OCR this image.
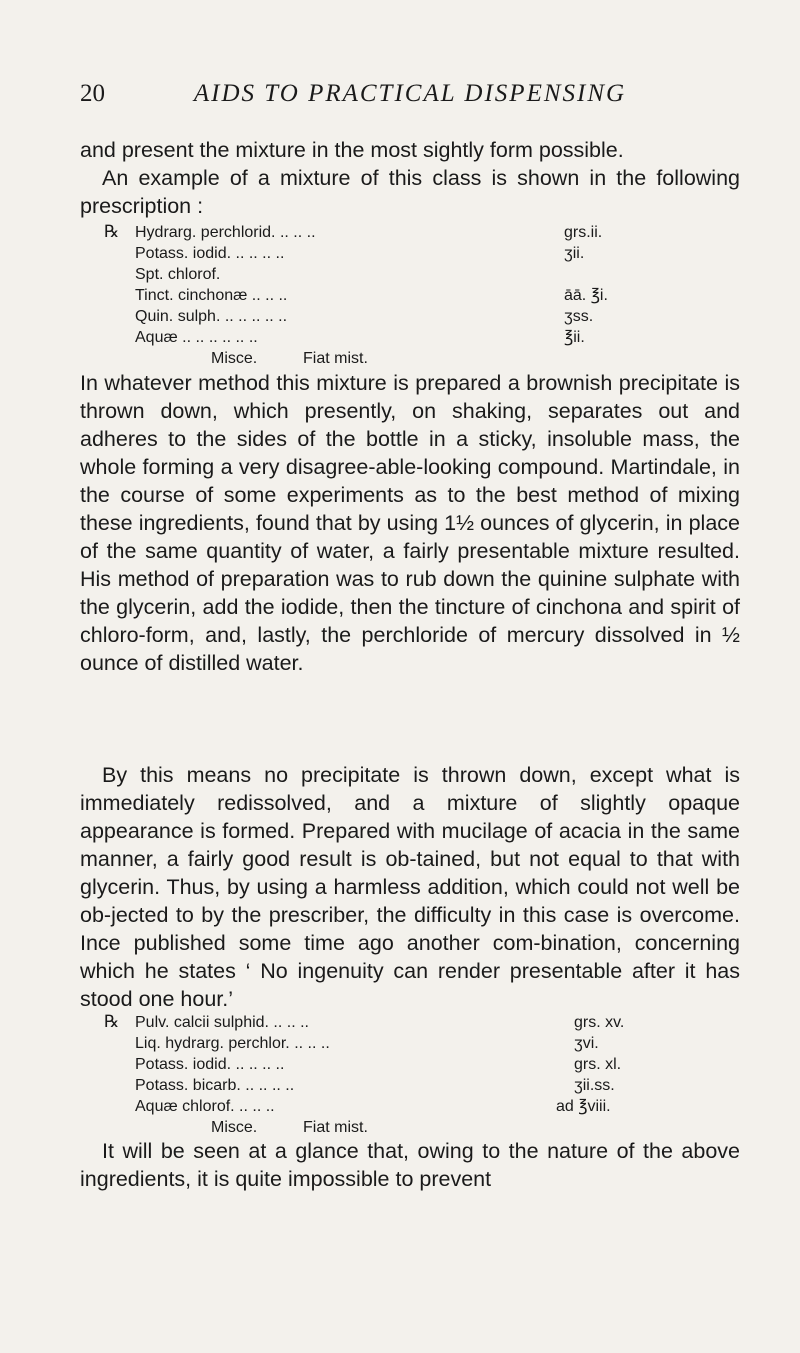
20	AIDS TO PRACTICAL DISPENSING

and present the mixture in the most sightly form possible.

An example of a mixture of this class is shown in the following prescription :

℞ Hydrarg. perchlorid. .. .. ..	grs.ii.
Potass. iodid. .. .. .. ..	ʒii.
Spt. chlorof.
Tinct. cinchonæ .. .. ..	āā. ℥i.
Quin. sulph. .. .. .. .. ..	ʒss.
Aquæ .. .. .. .. .. ..	℥ii.
Misce.	Fiat mist.

In whatever method this mixture is prepared a brownish precipitate is thrown down, which presently, on shaking, separates out and adheres to the sides of the bottle in a sticky, insoluble mass, the whole forming a very disagree-able-looking compound. Martindale, in the course of some experiments as to the best method of mixing these ingredients, found that by using 1½ ounces of glycerin, in place of the same quantity of water, a fairly presentable mixture resulted. His method of preparation was to rub down the quinine sulphate with the glycerin, add the iodide, then the tincture of cinchona and spirit of chloro-form, and, lastly, the perchloride of mercury dissolved in ½ ounce of distilled water.

By this means no precipitate is thrown down, except what is immediately redissolved, and a mixture of slightly opaque appearance is formed. Prepared with mucilage of acacia in the same manner, a fairly good result is ob-tained, but not equal to that with glycerin. Thus, by using a harmless addition, which could not well be ob-jected to by the prescriber, the difficulty in this case is overcome. Ince published some time ago another com-bination, concerning which he states ‘ No ingenuity can render presentable after it has stood one hour.’

℞ Pulv. calcii sulphid. .. .. ..	grs. xv.
Liq. hydrarg. perchlor. .. .. ..	ʒvi.
Potass. iodid. .. .. .. ..	grs. xl.
Potass. bicarb. .. .. .. ..	ʒii.ss.
Aquæ chlorof. .. .. ..	ad ℥viii.
Misce.	Fiat mist.

It will be seen at a glance that, owing to the nature of the above ingredients, it is quite impossible to prevent
